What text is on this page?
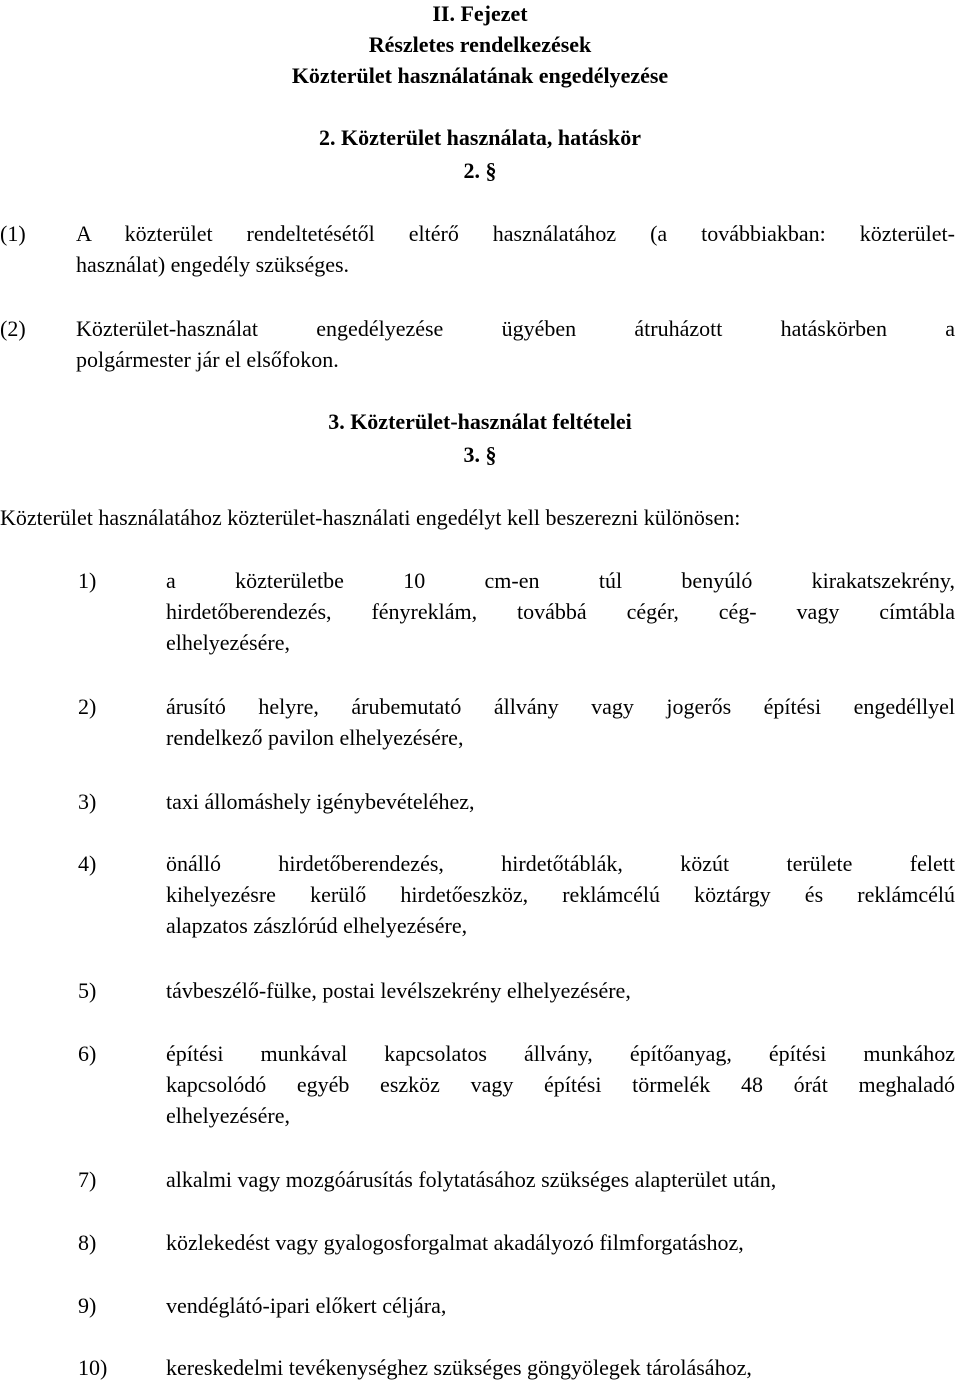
II. Fejezet
Részletes rendelkezések
Közterület használatának engedélyezése
2. Közterület használata, hatáskör
2. §
(1) A közterület rendeltetésétől eltérő használatához (a továbbiakban: közterület-
használat) engedély szükséges.
(2) Közterület-használat engedélyezése ügyében átruházott hatáskörben a
polgármester jár el elsőfokon.
3. Közterület-használat feltételei
3. §
Közterület használatához közterület-használati engedélyt kell beszerezni különösen:
1)	a közterületbe 10 cm-en túl benyúló kirakatszekrény,
hirdetőberendezés, fényreklám, továbbá cégér, cég- vagy címtábla
elhelyezésére,
2)	árusító helyre, árubemutató állvány vagy jogerős építési engedéllyel
rendelkező pavilon elhelyezésére,
3)	taxi állomáshely igénybevételéhez,
4)	önálló hirdetőberendezés, hirdetőtáblák, közút területe felett
kihelyezésre kerülő hirdetőeszköz, reklámcélú köztárgy és reklámcélú
alapzatos zászlórúd elhelyezésére,
5)	távbeszélő-fülke, postai levélszekrény elhelyezésére,
6)	építési munkával kapcsolatos állvány, építőanyag, építési munkához
kapcsolódó egyéb eszköz vagy építési törmelék 48 órát meghaladó
elhelyezésére,
7)	alkalmi vagy mozgóárusítás folytatásához szükséges alapterület után,
8)	közlekedést vagy gyalogosforgalmat akadályozó filmforgatáshoz,
9)	vendéglátó-ipari előkert céljára,
10)	kereskedelmi tevékenységhez szükséges göngyölegek tárolásához,
